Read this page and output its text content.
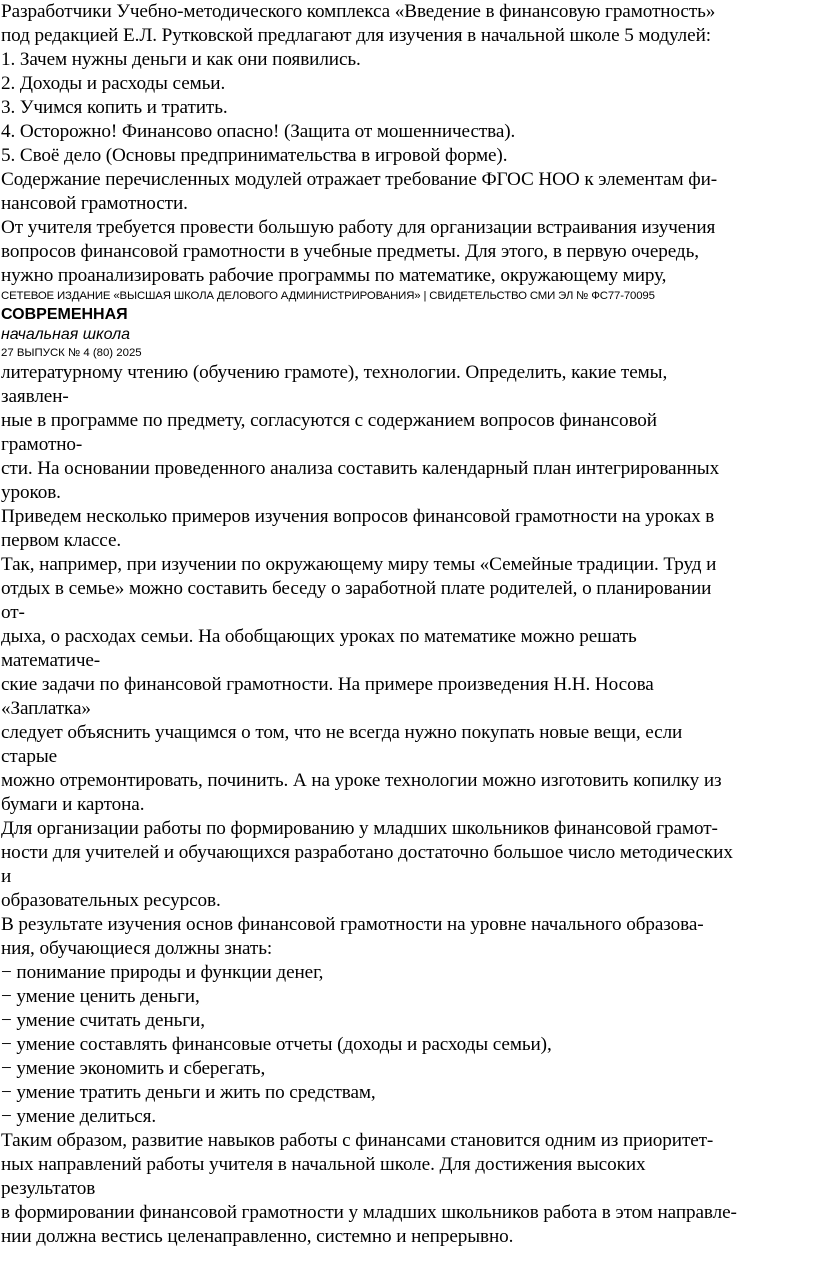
Разработчики Учебно-методического комплекса «Введение в финансовую грамотность»
под редакцией Е.Л. Рутковской предлагают для изучения в начальной школе 5 модулей:
1. Зачем нужны деньги и как они появились.
2. Доходы и расходы семьи.
3. Учимся копить и тратить.
4. Осторожно! Финансово опасно! (Защита от мошенничества).
5. Своё дело (Основы предпринимательства в игровой форме).
Содержание перечисленных модулей отражает требование ФГОС НОО к элементам фи-
нансовой грамотности.
От учителя требуется провести большую работу для организации встраивания изучения
вопросов финансовой грамотности в учебные предметы. Для этого, в первую очередь,
нужно проанализировать рабочие программы по математике, окружающему миру,
СЕТЕВОЕ ИЗДАНИЕ «ВЫСШАЯ ШКОЛА ДЕЛОВОГО АДМИНИСТРИРОВАНИЯ» | СВИДЕТЕЛЬСТВО СМИ ЭЛ № ФС77-70095
СОВРЕМЕННАЯ
начальная школа
27 ВЫПУСК № 4 (80) 2025
литературному чтению (обучению грамоте), технологии. Определить, какие темы,
заявлен-
ные в программе по предмету, согласуются с содержанием вопросов финансовой
грамотно-
сти. На основании проведенного анализа составить календарный план интегрированных
уроков.
Приведем несколько примеров изучения вопросов финансовой грамотности на уроках в
первом классе.
Так, например, при изучении по окружающему миру темы «Семейные традиции. Труд и
отдых в семье» можно составить беседу о заработной плате родителей, о планировании
от-
дыха, о расходах семьи. На обобщающих уроках по математике можно решать
математиче-
ские задачи по финансовой грамотности. На примере произведения Н.Н. Носова
«Заплатка»
следует объяснить учащимся о том, что не всегда нужно покупать новые вещи, если
старые
можно отремонтировать, починить. А на уроке технологии можно изготовить копилку из
бумаги и картона.
Для организации работы по формированию у младших школьников финансовой грамот-
ности для учителей и обучающихся разработано достаточно большое число методических
и
образовательных ресурсов.
В результате изучения основ финансовой грамотности на уровне начального образова-
ния, обучающиеся должны знать:
− понимание природы и функции денег,
− умение ценить деньги,
− умение считать деньги,
− умение составлять финансовые отчеты (доходы и расходы семьи),
− умение экономить и сберегать,
− умение тратить деньги и жить по средствам,
− умение делиться.
Таким образом, развитие навыков работы с финансами становится одним из приоритет-
ных направлений работы учителя в начальной школе. Для достижения высоких
результатов
в формировании финансовой грамотности у младших школьников работа в этом направле-
нии должна вестись целенаправленно, системно и непрерывно.
